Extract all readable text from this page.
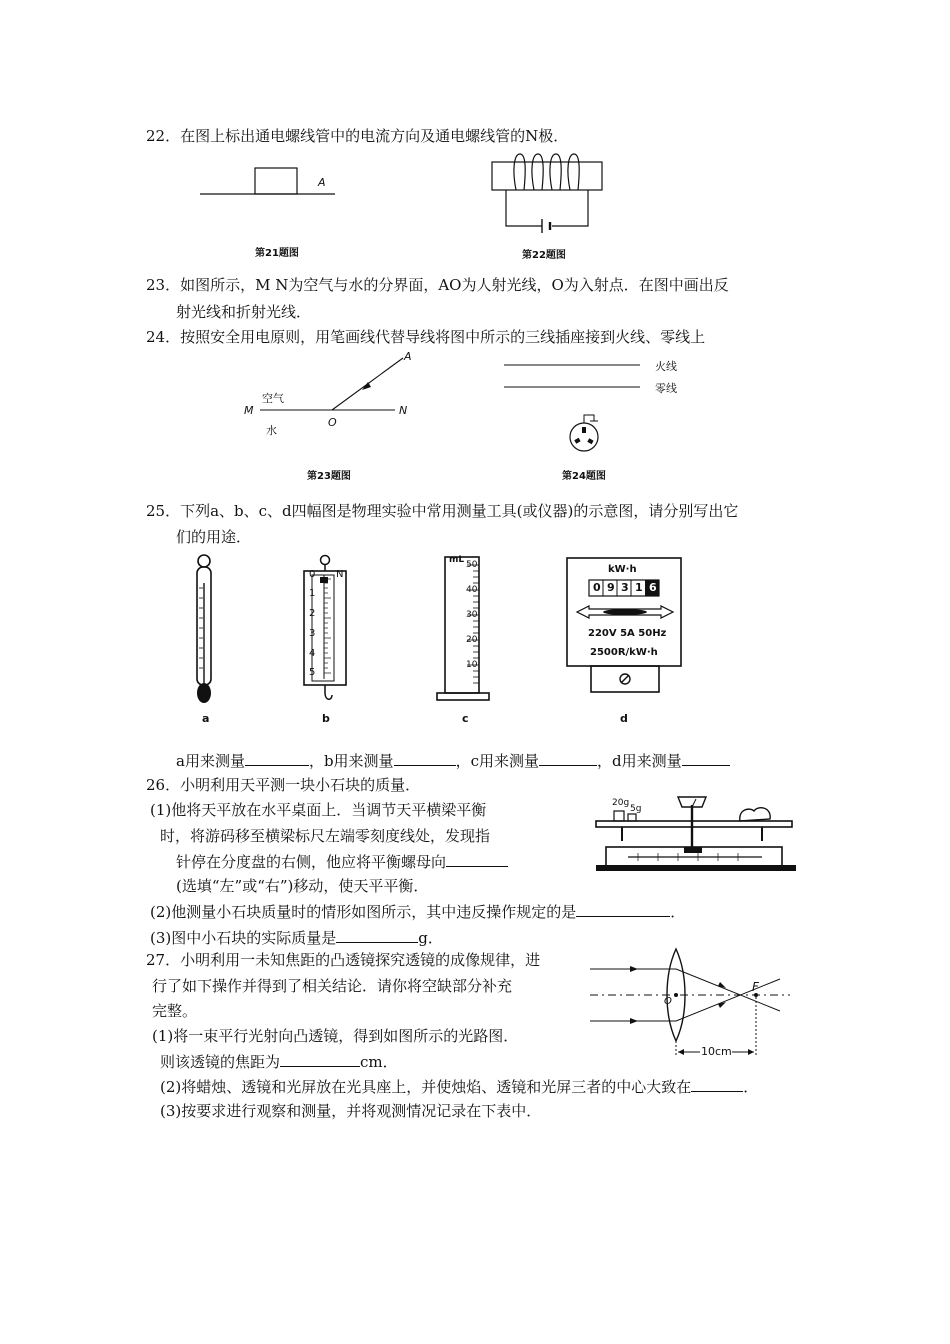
22．在图上标出通电螺线管中的电流方向及通电螺线管的N极．
A
第21题图	第22题图
23．如图所示，M N为空气与水的分界面，AO为人射光线，O为入射点．在图中画出反
射光线和折射光线．
24．按照安全用电原则，用笔画线代替导线将图中所示的三线插座接到火线、零线上
A
空气
M	N
O
水
第23题图
火线
零线
第24题图
25．下列a、b、c、d四幅图是物理实验中常用测量工具(或仪器)的示意图，请分别写出它
们的用途．
0
1
2
3
4
5
N
mL 50
40
30
20
10
kW·h
0 9 3 1 6
220V 5A 50Hz
2500R/kW·h
a	b	c	d
a用来测量	，b用来测量	，c用来测量	，d用来测量
26．小明利用天平测一块小石块的质量．
(1)他将天平放在水平桌面上．当调节天平横梁平衡
时，将游码移至横梁标尺左端零刻度线处，发现指
针停在分度盘的右侧，他应将平衡螺母向
(选填“左”或“右”)移动，使天平平衡．
(2)他测量小石块质量时的情形如图所示，其中违反操作规定的是	．
(3)图中小石块的实际质量是	g．
20g
5g
27．小明利用一未知焦距的凸透镜探究透镜的成像规律，进
行了如下操作并得到了相关结论．请你将空缺部分补充
完整。
(1)将一束平行光射向凸透镜，得到如图所示的光路图．
则该透镜的焦距为	cm．
(2)将蜡烛、透镜和光屏放在光具座上，并使烛焰、透镜和光屏三者的中心大致在	．
(3)按要求进行观察和测量，并将观测情况记录在下表中．
O
F
10cm
